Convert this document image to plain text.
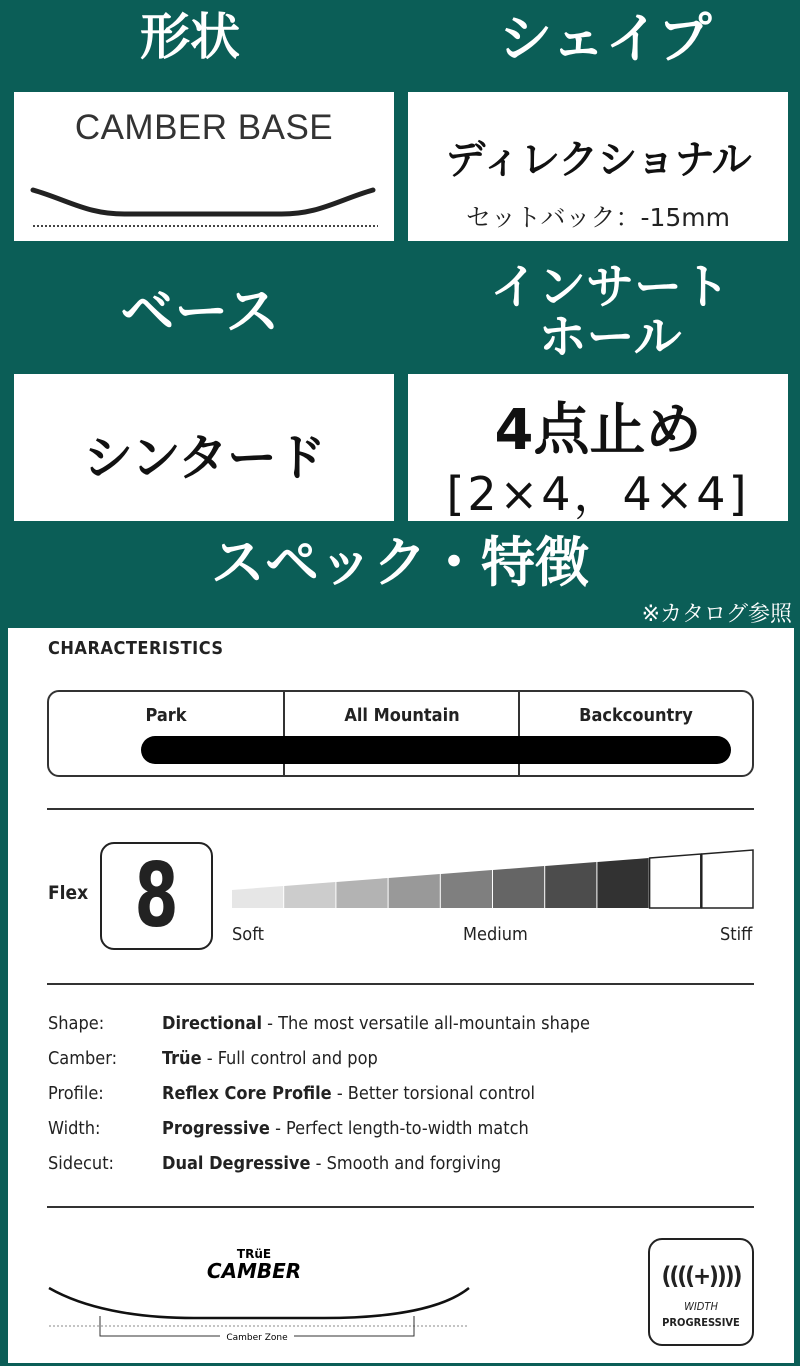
形状	シェイプ
CAMBER BASE
ディレクショナル
セットバック：-15mm
ベース	インサート
ホール
シンタード	4点止め
[2×4，4×4]
スペック・特徴
※カタログ参照
CHARACTERISTICS
Park	All Mountain	Backcountry
Flex 8	Soft	Medium	Stiff
Shape:	Directional - The most versatile all-mountain shape
Camber:	Trüe - Full control and pop
Profile:	Reflex Core Profile - Better torsional control
Width:	Progressive - Perfect length-to-width match
Sidecut:	Dual Degressive - Smooth and forgiving
TRüE
CAMBER
Camber Zone
((((+))))
WIDTH
PROGRESSIVE
